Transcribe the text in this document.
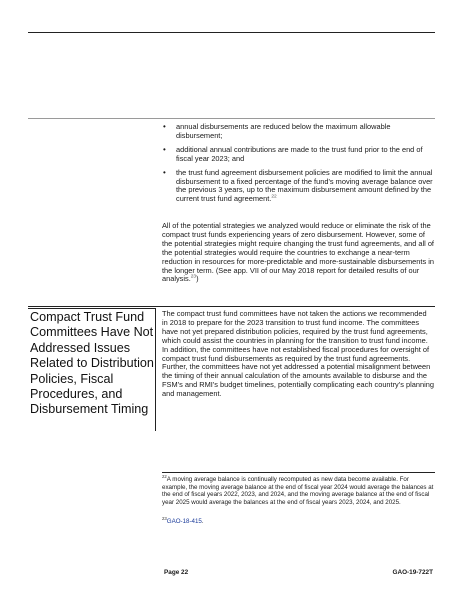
• annual disbursements are reduced below the maximum allowable disbursement;
• additional annual contributions are made to the trust fund prior to the end of fiscal year 2023; and
• the trust fund agreement disbursement policies are modified to limit the annual disbursement to a fixed percentage of the fund’s moving average balance over the previous 3 years, up to the maximum disbursement amount defined by the current trust fund agreement.$^{22}$

All of the potential strategies we analyzed would reduce or eliminate the risk of the compact trust funds experiencing years of zero disbursement. However, some of the potential strategies might require changing the trust fund agreements, and all of the potential strategies would require the countries to exchange a near-term reduction in resources for more-predictable and more-sustainable disbursements in the longer term. (See app. VII of our May 2018 report for detailed results of our analysis.$^{23}$)

Compact Trust Fund Committees Have Not Addressed Issues Related to Distribution Policies, Fiscal Procedures, and Disbursement Timing

The compact trust fund committees have not taken the actions we recommended in 2018 to prepare for the 2023 transition to trust fund income. The committees have not yet prepared distribution policies, required by the trust fund agreements, which could assist the countries in planning for the transition to trust fund income. In addition, the committees have not established fiscal procedures for oversight of compact trust fund disbursements as required by the trust fund agreements. Further, the committees have not yet addressed a potential misalignment between the timing of their annual calculation of the amounts available to disburse and the FSM’s and RMI’s budget timelines, potentially complicating each country’s planning and management.

$^{22}$A moving average balance is continually recomputed as new data become available. For example, the moving average balance at the end of fiscal year 2024 would average the balances at the end of fiscal years 2022, 2023, and 2024, and the moving average balance at the end of fiscal year 2025 would average the balances at the end of fiscal years 2023, 2024, and 2025.

$^{23}$GAO-18-415.

Page 22	GAO-19-722T
